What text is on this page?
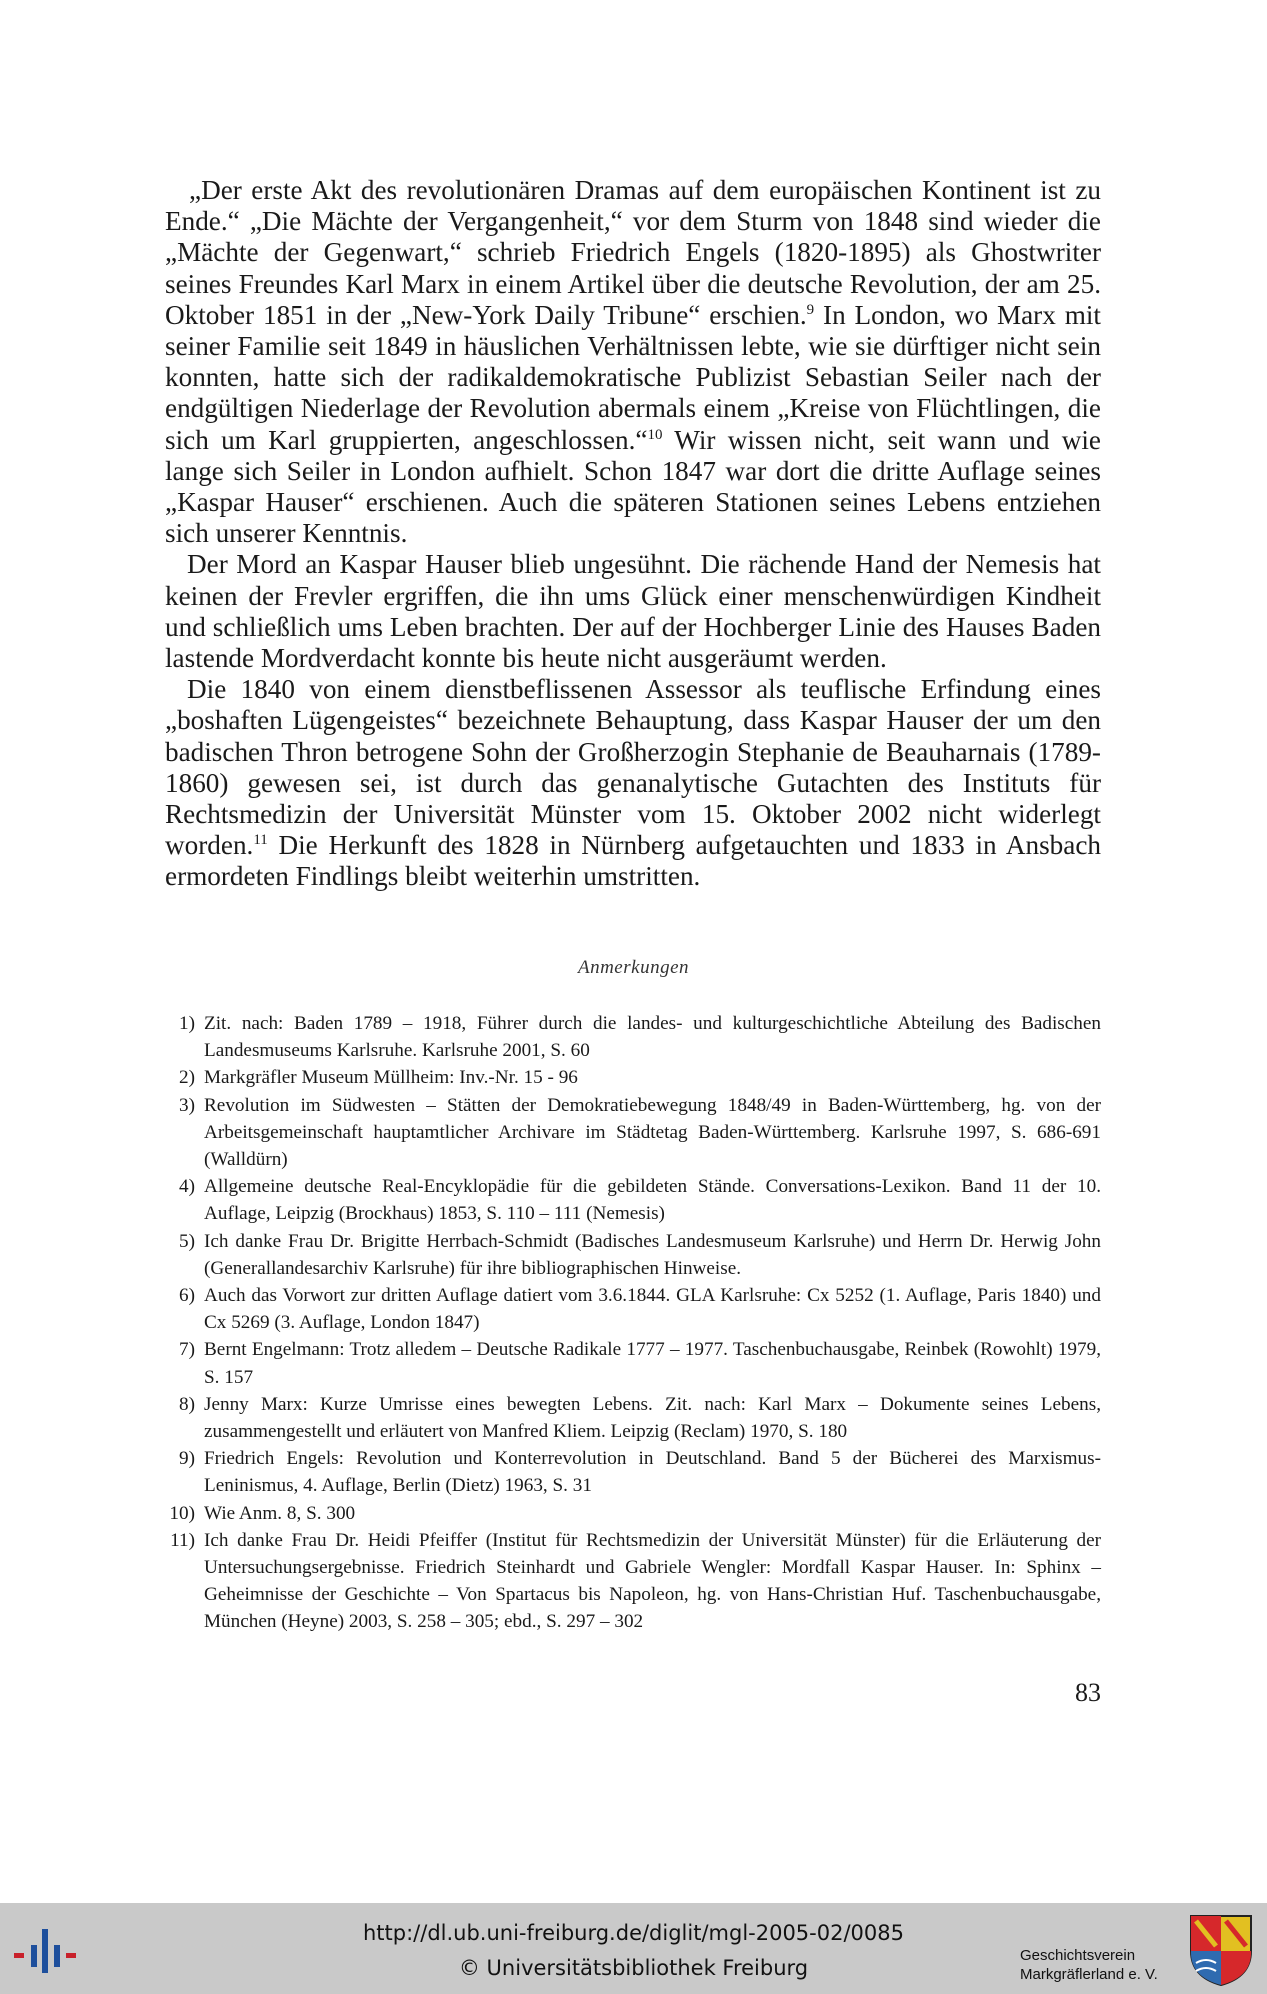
„Der erste Akt des revolutionären Dramas auf dem europäischen Kontinent ist zu Ende.“ „Die Mächte der Vergangenheit,“ vor dem Sturm von 1848 sind wieder die „Mächte der Gegenwart,“ schrieb Friedrich Engels (1820-1895) als Ghostwriter seines Freundes Karl Marx in einem Artikel über die deutsche Revolution, der am 25. Oktober 1851 in der „New-York Daily Tribune“ erschien.$^9$ In London, wo Marx mit seiner Familie seit 1849 in häuslichen Verhältnissen lebte, wie sie dürftiger nicht sein konnten, hatte sich der radikaldemokratische Publizist Sebastian Seiler nach der endgültigen Niederlage der Revolution abermals einem „Kreise von Flüchtlingen, die sich um Karl gruppierten, angeschlossen.“$^{10}$ Wir wissen nicht, seit wann und wie lange sich Seiler in London aufhielt. Schon 1847 war dort die dritte Auflage seines „Kaspar Hauser“ erschienen. Auch die späteren Stationen seines Lebens entziehen sich unserer Kenntnis.

Der Mord an Kaspar Hauser blieb ungesühnt. Die rächende Hand der Nemesis hat keinen der Frevler ergriffen, die ihn ums Glück einer menschenwürdigen Kindheit und schließlich ums Leben brachten. Der auf der Hochberger Linie des Hauses Baden lastende Mordverdacht konnte bis heute nicht ausgeräumt werden.

Die 1840 von einem dienstbeflissenen Assessor als teuflische Erfindung eines „boshaften Lügengeistes“ bezeichnete Behauptung, dass Kaspar Hauser der um den badischen Thron betrogene Sohn der Großherzogin Stephanie de Beauharnais (1789-1860) gewesen sei, ist durch das genanalytische Gutachten des Instituts für Rechtsmedizin der Universität Münster vom 15. Oktober 2002 nicht widerlegt worden.$^{11}$ Die Herkunft des 1828 in Nürnberg aufgetauchten und 1833 in Ansbach ermordeten Findlings bleibt weiterhin umstritten.

Anmerkungen
1) Zit. nach: Baden 1789 – 1918, Führer durch die landes- und kulturgeschichtliche Abteilung des Badischen Landesmuseums Karlsruhe. Karlsruhe 2001, S. 60
2) Markgräfler Museum Müllheim: Inv.-Nr. 15 - 96
3) Revolution im Südwesten – Stätten der Demokratiebewegung 1848/49 in Baden-Württemberg, hg. von der Arbeitsgemeinschaft hauptamtlicher Archivare im Städtetag Baden-Württemberg. Karlsruhe 1997, S. 686-691 (Walldürn)
4) Allgemeine deutsche Real-Encyklopädie für die gebildeten Stände. Conversations-Lexikon. Band 11 der 10. Auflage, Leipzig (Brockhaus) 1853, S. 110 – 111 (Nemesis)
5) Ich danke Frau Dr. Brigitte Herrbach-Schmidt (Badisches Landesmuseum Karlsruhe) und Herrn Dr. Herwig John (Generallandesarchiv Karlsruhe) für ihre bibliographischen Hinweise.
6) Auch das Vorwort zur dritten Auflage datiert vom 3.6.1844. GLA Karlsruhe: Cx 5252 (1. Auflage, Paris 1840) und Cx 5269 (3. Auflage, London 1847)
7) Bernt Engelmann: Trotz alledem – Deutsche Radikale 1777 – 1977. Taschenbuchausgabe, Reinbek (Rowohlt) 1979, S. 157
8) Jenny Marx: Kurze Umrisse eines bewegten Lebens. Zit. nach: Karl Marx – Dokumente seines Lebens, zusammengestellt und erläutert von Manfred Kliem. Leipzig (Reclam) 1970, S. 180
9) Friedrich Engels: Revolution und Konterrevolution in Deutschland. Band 5 der Bücherei des Marxismus-Leninismus, 4. Auflage, Berlin (Dietz) 1963, S. 31
10) Wie Anm. 8, S. 300
11) Ich danke Frau Dr. Heidi Pfeiffer (Institut für Rechtsmedizin der Universität Münster) für die Erläuterung der Untersuchungsergebnisse. Friedrich Steinhardt und Gabriele Wengler: Mordfall Kaspar Hauser. In: Sphinx – Geheimnisse der Geschichte – Von Spartacus bis Napoleon, hg. von Hans-Christian Huf. Taschenbuchausgabe, München (Heyne) 2003, S. 258 – 305; ebd., S. 297 – 302
83
http://dl.ub.uni-freiburg.de/diglit/mgl-2005-02/0085
© Universitätsbibliothek Freiburg
Geschichtsverein
Markgräflerland e. V.
